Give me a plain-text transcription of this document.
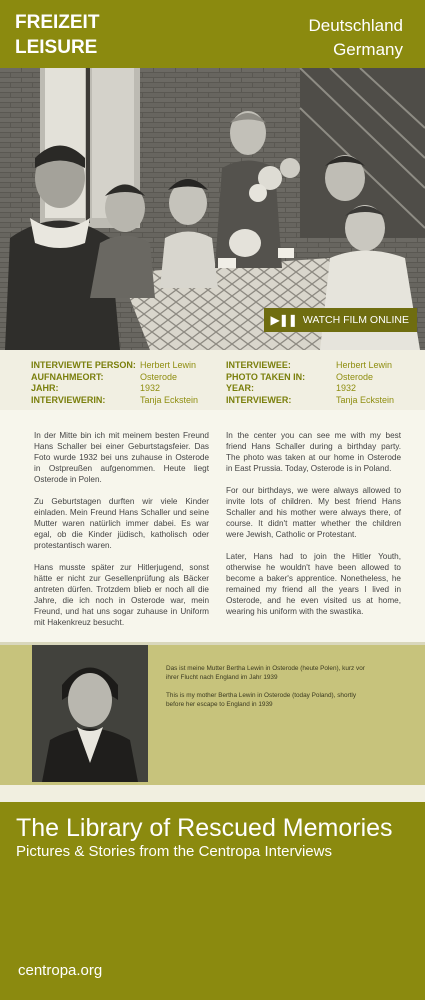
FREIZEIT
LEISURE
Deutschland
Germany
▶❚❚ WATCH FILM ONLINE
INTERVIEWTE PERSON: Herbert Lewin
AUFNAHMEORT:	Osterode
JAHR:	1932
INTERVIEWERIN:	Tanja Eckstein
INTERVIEWEE:	Herbert Lewin
PHOTO TAKEN IN:	Osterode
YEAR:	1932
INTERVIEWER:	Tanja Eckstein

In der Mitte bin ich mit meinem besten Freund Hans Schaller bei einer Geburtstagsfeier. Das Foto wurde 1932 bei uns zuhause in Osterode in Ostpreußen aufgenommen. Heute liegt Osterode in Polen.

Zu Geburtstagen durften wir viele Kinder einladen. Mein Freund Hans Schaller und seine Mutter waren natürlich immer dabei. Es war egal, ob die Kinder jüdisch, katholisch oder protestantisch waren.

Hans musste später zur Hitlerjugend, sonst hätte er nicht zur Gesellenprüfung als Bäcker antreten dürfen. Trotzdem blieb er noch all die Jahre, die ich noch in Osterode war, mein Freund, und hat uns sogar zuhause in Uniform mit Hakenkreuz besucht.

In the center you can see me with my best friend Hans Schaller during a birthday party. The photo was taken at our home in Osterode in East Prussia. Today, Osterode is in Poland.

For our birthdays, we were always allowed to invite lots of children. My best friend Hans Schaller and his mother were always there, of course. It didn't matter whether the children were Jewish, Catholic or Protestant.

Later, Hans had to join the Hitler Youth, otherwise he wouldn't have been allowed to become a baker's apprentice. Nonetheless, he remained my friend all the years I lived in Osterode, and he even visited us at home, wearing his uniform with the swastika.

Das ist meine Mutter Bertha Lewin in Osterode (heute Polen), kurz vor ihrer Flucht nach England im Jahr 1939
This is my mother Bertha Lewin in Osterode (today Poland), shortly before her escape to England in 1939
The Library of Rescued Memories
Pictures & Stories from the Centropa Interviews
centropa.org
